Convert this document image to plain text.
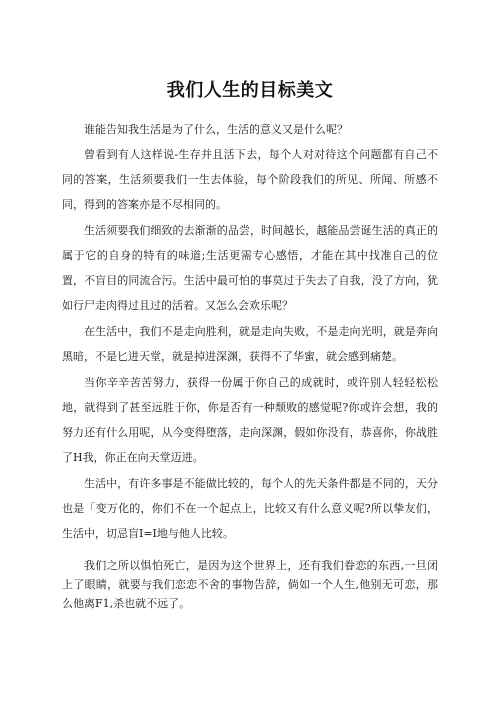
我们人生的目标美文

谁能告知我生活是为了什么，生活的意义又是什么呢？

曾看到有人这样说-生存并且活下去，每个人对对待这个问题都有自己不同的答案，生活须要我们一生去体验，每个阶段我们的所见、所闻、所感不同，得到的答案亦是不尽相同的。

生活须要我们细致的去渐渐的品尝，时间越长，越能品尝诞生活的真正的属于它的自身的特有的味道;生活更需专心感悟，才能在其中找准自己的位置，不盲目的同流合污。生活中最可怕的事莫过于失去了自我，没了方向，犹如行尸走肉得过且过的活着。又怎么会欢乐呢？

在生活中，我们不是走向胜利，就是走向失败，不是走向光明，就是奔向黑暗，不是匕进天堂，就是掉进深渊，获得不了华蜜，就会感到痛楚。

当你辛辛苦苦努力，获得一份属于你自己的成就时，或许别人轻轻松松地，就得到了甚至远胜于你，你是否有一种颓败的感觉呢?你或许会想，我的努力还有什么用呢，从今变得堕落，走向深渊，假如你没有，恭喜你，你战胜了H我，你正在向天堂迈进。

生活中，有许多事是不能做比较的，每个人的先天条件都是不同的，天分也是「变万化的，你们不在一个起点上，比较又有什么意义呢?所以挚友们，生活中，切忌盲I=I地与他人比较。

我们之所以惧怕死亡，是因为这个世界上，还有我们眷恋的东西,一旦闭上了眼睛，就要与我们恋恋不舍的事物告辞，倘如一个人生,他别无可恋，那么他离F1,杀也就不远了。
